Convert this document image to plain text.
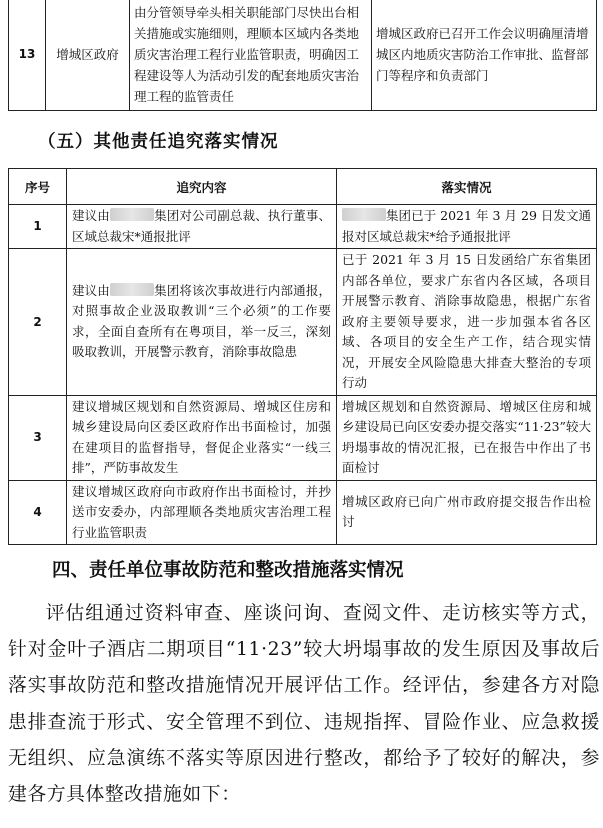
13	增城区政府	由分管领导牵头相关职能部门尽快出台相关措施或实施细则，理顺本区域内各类地质灾害治理工程行业监管职责，明确因工程建设等人为活动引发的配套地质灾害治理工程的监管责任	增城区政府已召开工作会议明确厘清增城区内地质灾害防治工作审批、监督部门等程序和负责部门
（五）其他责任追究落实情况
序号	追究内容	落实情况
1	建议由 集团对公司副总裁、执行董事、区域总裁宋*通报批评	集团已于 2021 年 3 月 29 日发文通报对区域总裁宋*给予通报批评
2	建议由 集团将该次事故进行内部通报，对照事故企业汲取教训“三个必须”的工作要求，全面自查所有在粤项目，举一反三，深刻吸取教训，开展警示教育，消除事故隐患	已于 2021 年 3 月 15 日发函给广东省集团内部各单位，要求广东省内各区域，各项目开展警示教育、消除事故隐患，根据广东省政府主要领导要求，进一步加强本省各区域、各项目的安全生产工作，结合现实情况，开展安全风险隐患大排查大整治的专项行动
3	建议增城区规划和自然资源局、增城区住房和城乡建设局向区委区政府作出书面检讨，加强在建项目的监督指导，督促企业落实“一线三排”，严防事故发生	增城区规划和自然资源局、增城区住房和城乡建设局已向区安委办提交落实“11·23”较大坍塌事故的情况汇报，已在报告中作出了书面检讨
4	建议增城区政府向市政府作出书面检讨，并抄送市安委办，内部理顺各类地质灾害治理工程行业监管职责	增城区政府已向广州市政府提交报告作出检讨
四、责任单位事故防范和整改措施落实情况

评估组通过资料审查、座谈问询、查阅文件、走访核实等方式，针对金叶子酒店二期项目“11·23”较大坍塌事故的发生原因及事故后落实事故防范和整改措施情况开展评估工作。经评估，参建各方对隐患排查流于形式、安全管理不到位、违规指挥、冒险作业、应急救援无组织、应急演练不落实等原因进行整改，都给予了较好的解决，参建各方具体整改措施如下：
